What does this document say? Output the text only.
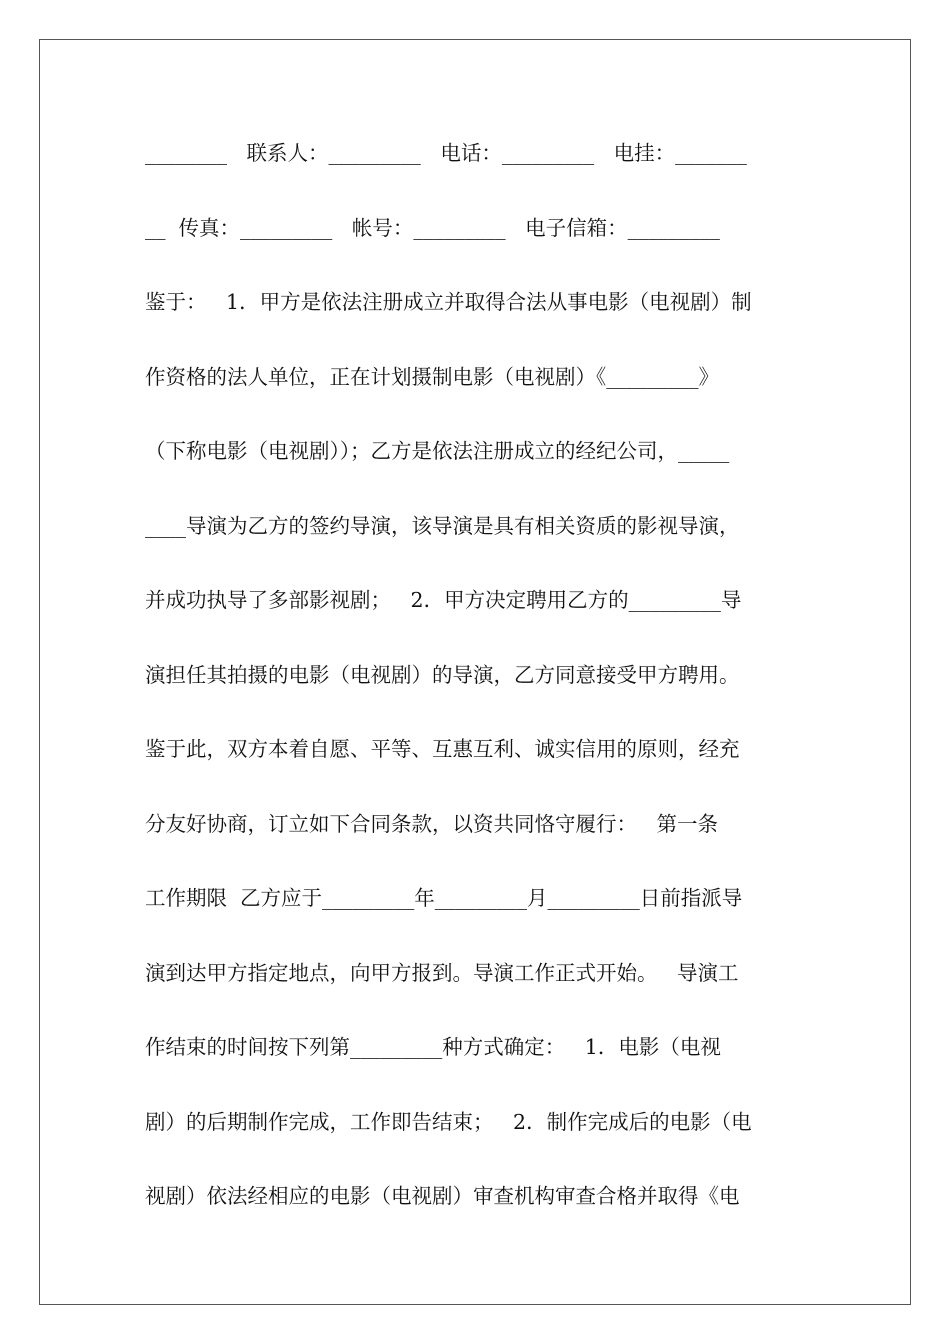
________   联系人：_________   电话：_________   电挂：_______
__  传真：_________   帐号：_________   电子信箱：_________
鉴于：   1．甲方是依法注册成立并取得合法从事电影（电视剧）制
作资格的法人单位，正在计划摄制电影（电视剧）《_________》
（下称电影（电视剧））；乙方是依法注册成立的经纪公司，_____
____导演为乙方的签约导演，该导演是具有相关资质的影视导演，
并成功执导了多部影视剧；   2．甲方决定聘用乙方的_________导
演担任其拍摄的电影（电视剧）的导演，乙方同意接受甲方聘用。
鉴于此，双方本着自愿、平等、互惠互利、诚实信用的原则，经充
分友好协商，订立如下合同条款，以资共同恪守履行：   第一条
工作期限  乙方应于_________年_________月_________日前指派导
演到达甲方指定地点，向甲方报到。导演工作正式开始。   导演工
作结束的时间按下列第_________种方式确定：   1．电影（电视
剧）的后期制作完成，工作即告结束；   2．制作完成后的电影（电
视剧）依法经相应的电影（电视剧）审查机构审查合格并取得《电
